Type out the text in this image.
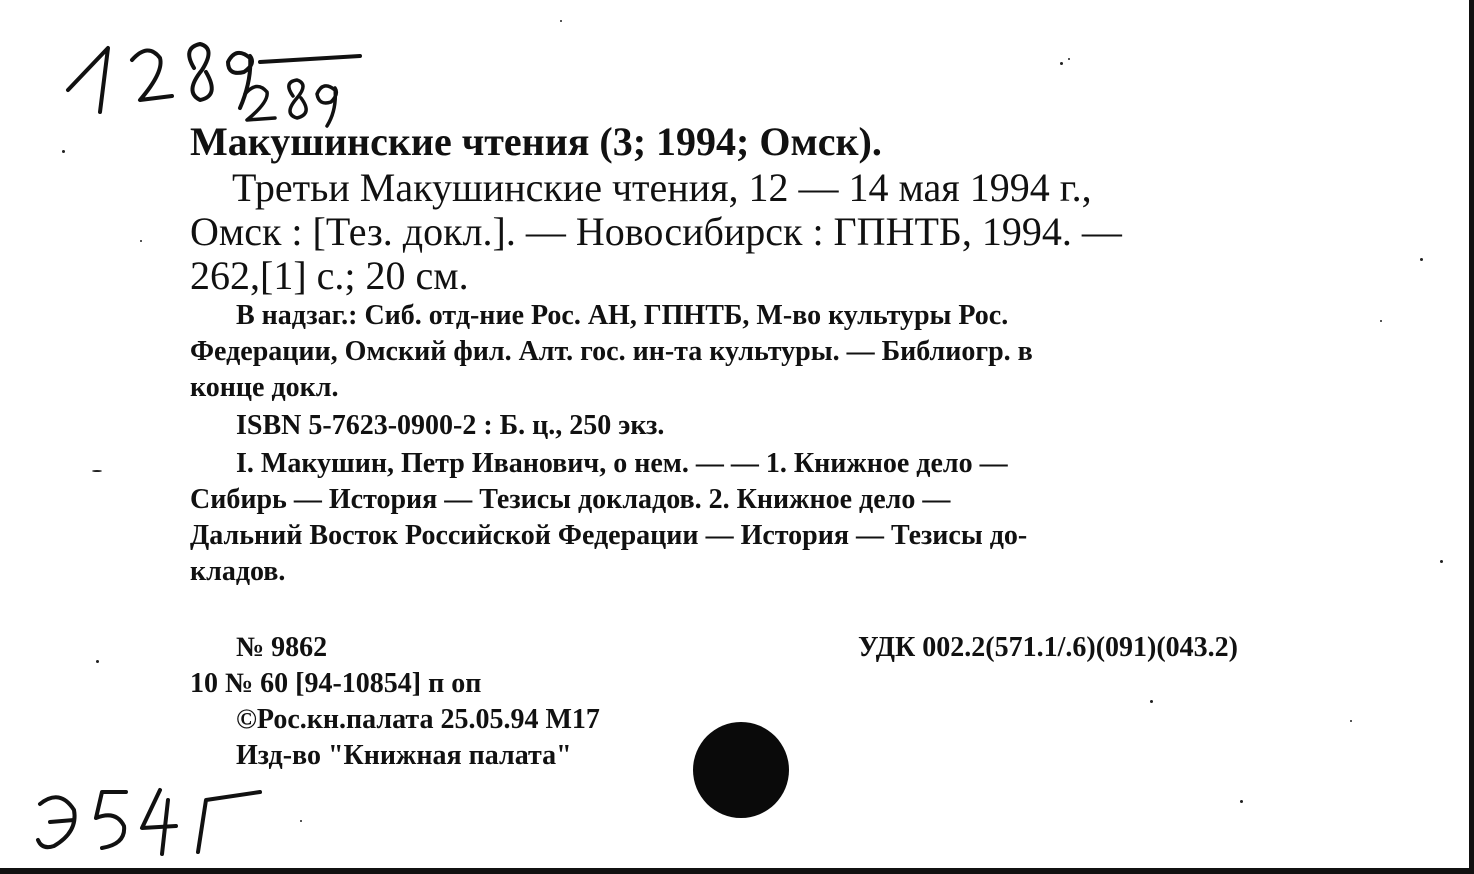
Макушинские чтения (3; 1994; Омск).
Третьи Макушинские чтения, 12 — 14 мая 1994 г.,
Омск : [Тез. докл.]. — Новосибирск : ГПНТБ, 1994. —
262,[1] с.; 20 см.
В надзаг.: Сиб. отд-ние Рос. АН, ГПНТБ, М-во культуры Рос.
Федерации, Омский фил. Алт. гос. ин-та культуры. — Библиогр. в
конце докл.
ISBN 5-7623-0900-2 : Б. ц., 250 экз.
I. Макушин, Петр Иванович, о нем. — — 1. Книжное дело —
Сибирь — История — Тезисы докладов. 2. Книжное дело —
Дальний Восток Российской Федерации — История — Тезисы до-
кладов.
№ 9862	УДК 002.2(571.1/.6)(091)(043.2)
10 № 60 [94-10854] п оп
©Рос.кн.палата 25.05.94 М17
Изд-во "Книжная палата"
